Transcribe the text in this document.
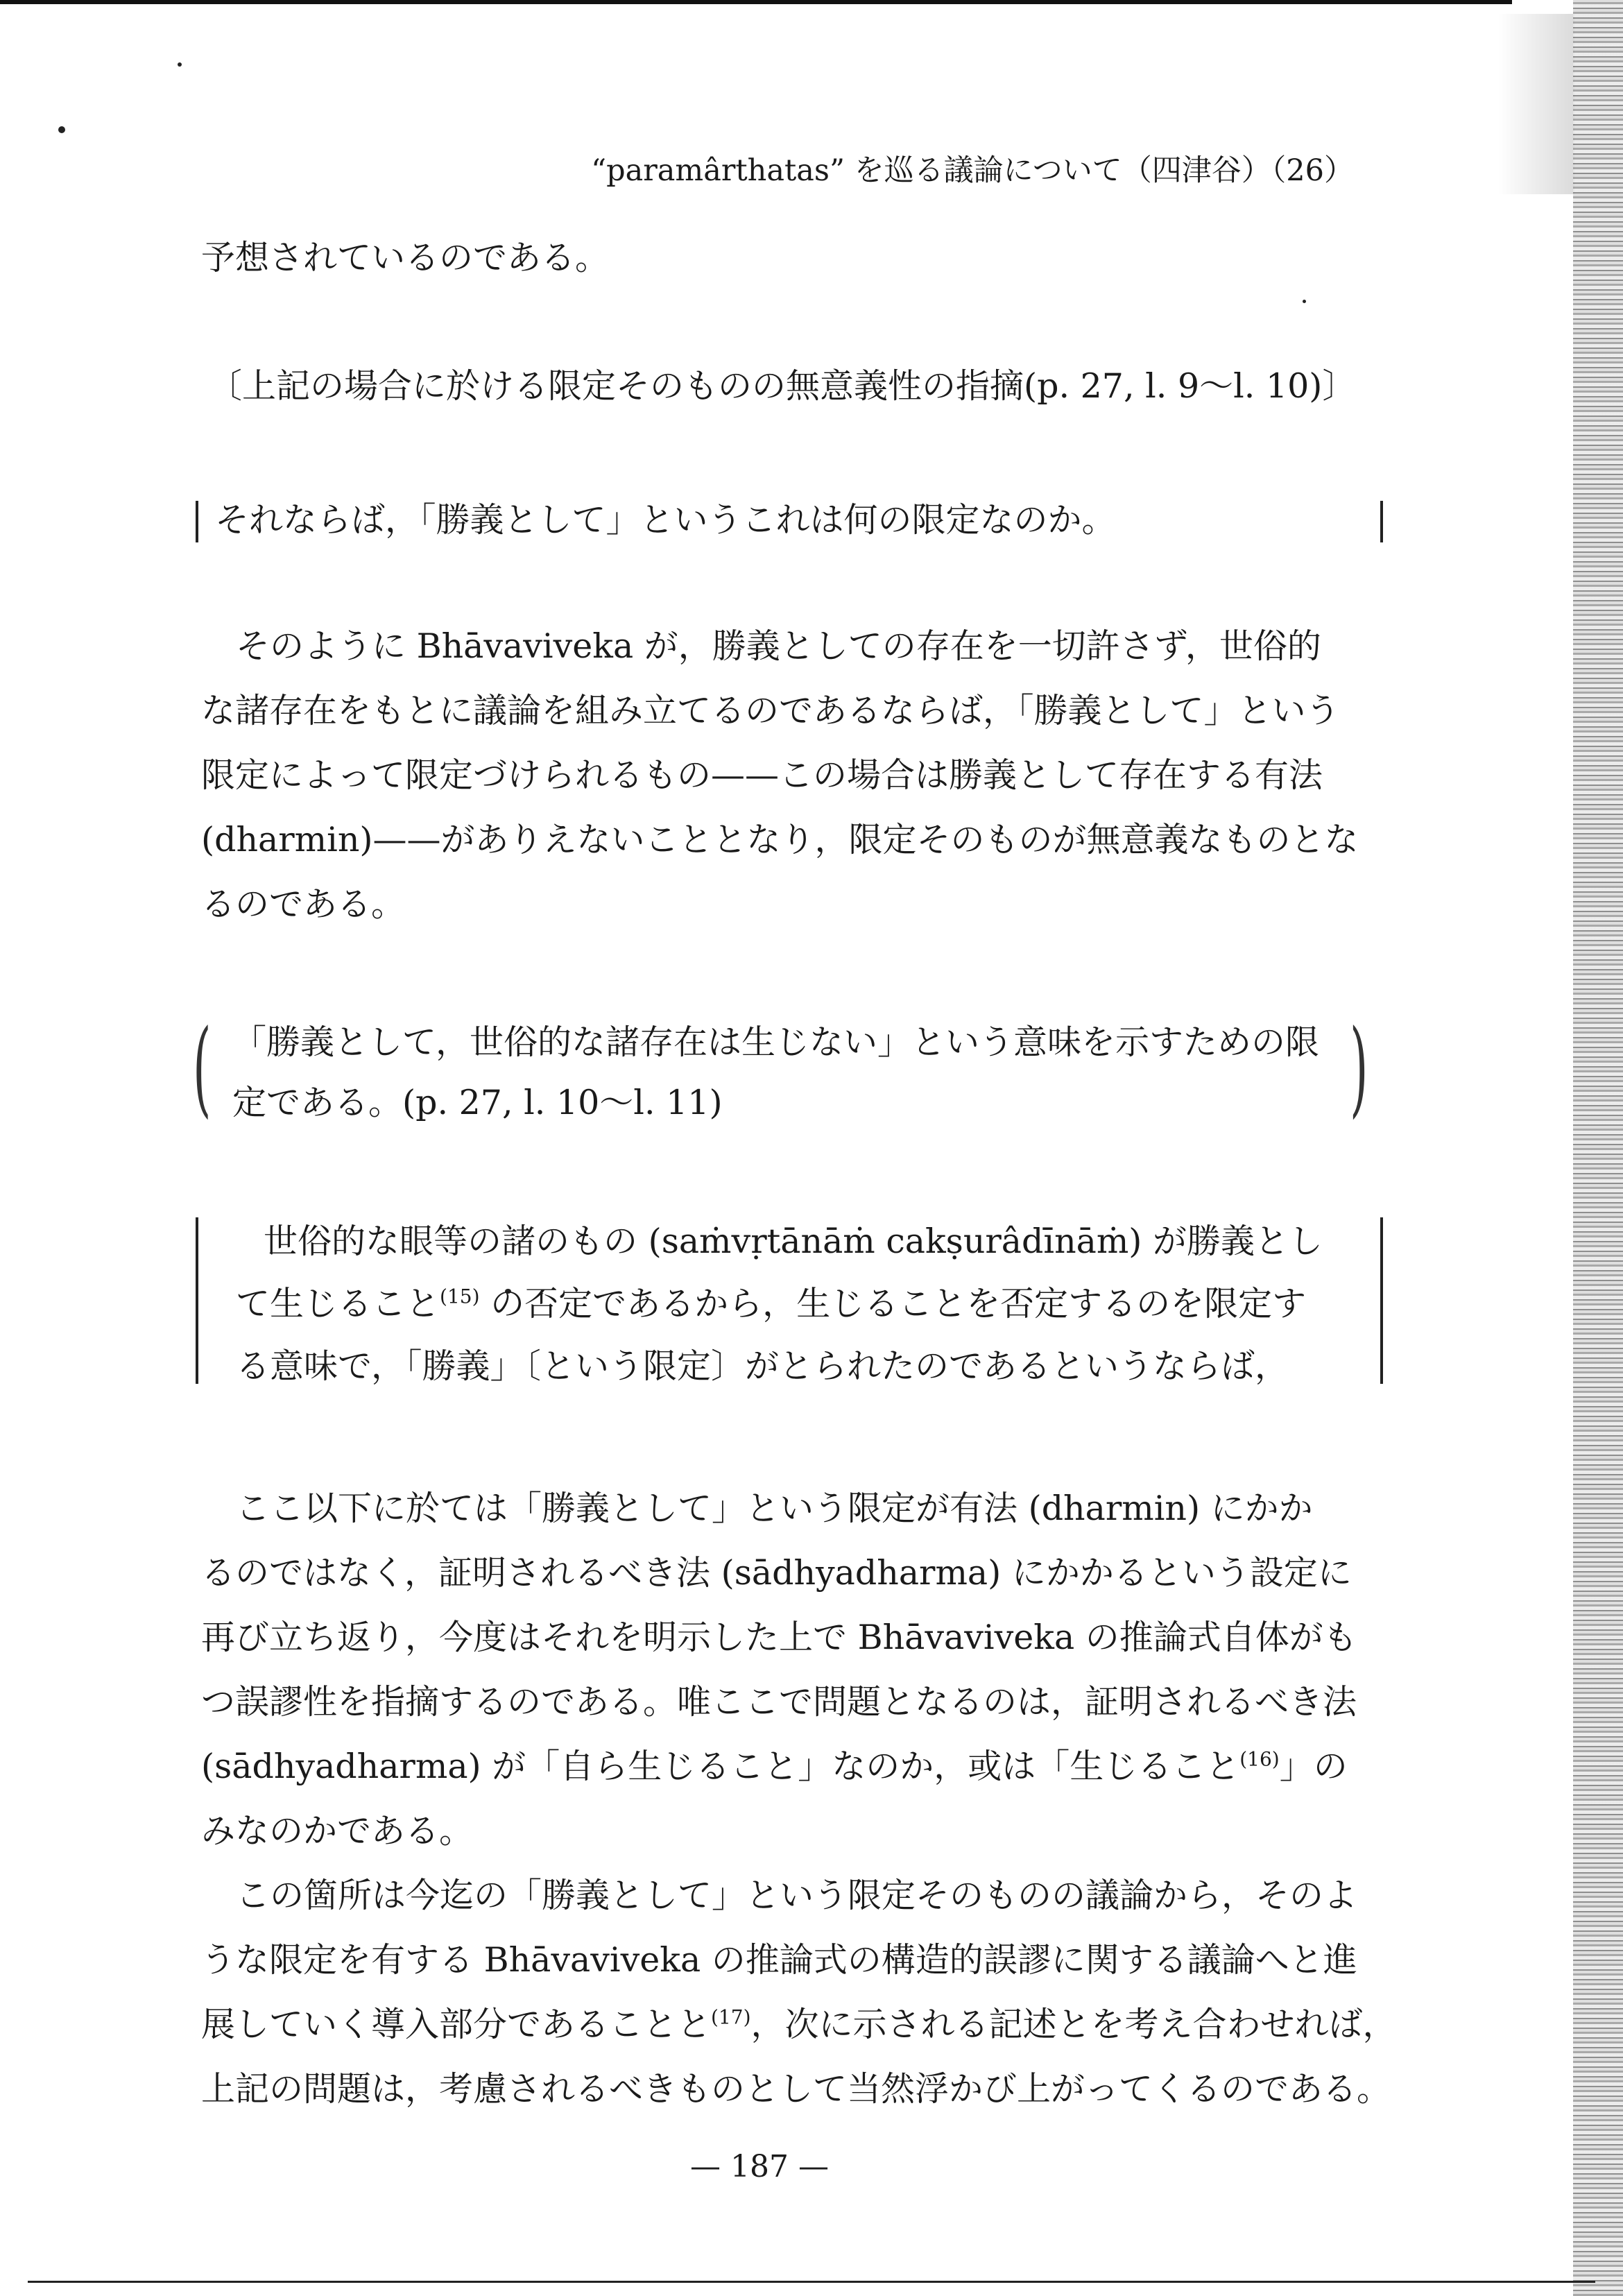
“paramârthatas” を巡る議論について（四津谷）（26）
予想されているのである。
〔上記の場合に於ける限定そのものの無意義性の指摘(p. 27, l. 9〜l. 10)〕
それならば，「勝義として」というこれは何の限定なのか。
そのように Bhāvaviveka が，勝義としての存在を一切許さず，世俗的
な諸存在をもとに議論を組み立てるのであるならば，「勝義として」という
限定によって限定づけられるもの——この場合は勝義として存在する有法
(dharmin)——がありえないこととなり，限定そのものが無意義なものとな
るのである。
( 「勝義として，世俗的な諸存在は生じない」という意味を示すための限
定である。(p. 27, l. 10〜l. 11)	)
世俗的な眼等の諸のもの (saṁvṛtānāṁ cakṣurâdīnāṁ) が勝義とし
て生じること$^{(15)}$ の否定であるから，生じることを否定するのを限定す
る意味で，「勝義」〔という限定〕がとられたのであるというならば，
ここ以下に於ては「勝義として」という限定が有法 (dharmin) にかか
るのではなく，証明されるべき法 (sādhyadharma) にかかるという設定に
再び立ち返り，今度はそれを明示した上で Bhāvaviveka の推論式自体がも
つ誤謬性を指摘するのである。唯ここで問題となるのは，証明されるべき法
(sādhyadharma) が「自ら生じること」なのか，或は「生じること$^{(16)}$」の
みなのかである。
この箇所は今迄の「勝義として」という限定そのものの議論から，そのよ
うな限定を有する Bhāvaviveka の推論式の構造的誤謬に関する議論へと進
展していく導入部分であることと$^{(17)}$，次に示される記述とを考え合わせれば，
上記の問題は，考慮されるべきものとして当然浮かび上がってくるのである。
— 187 —
